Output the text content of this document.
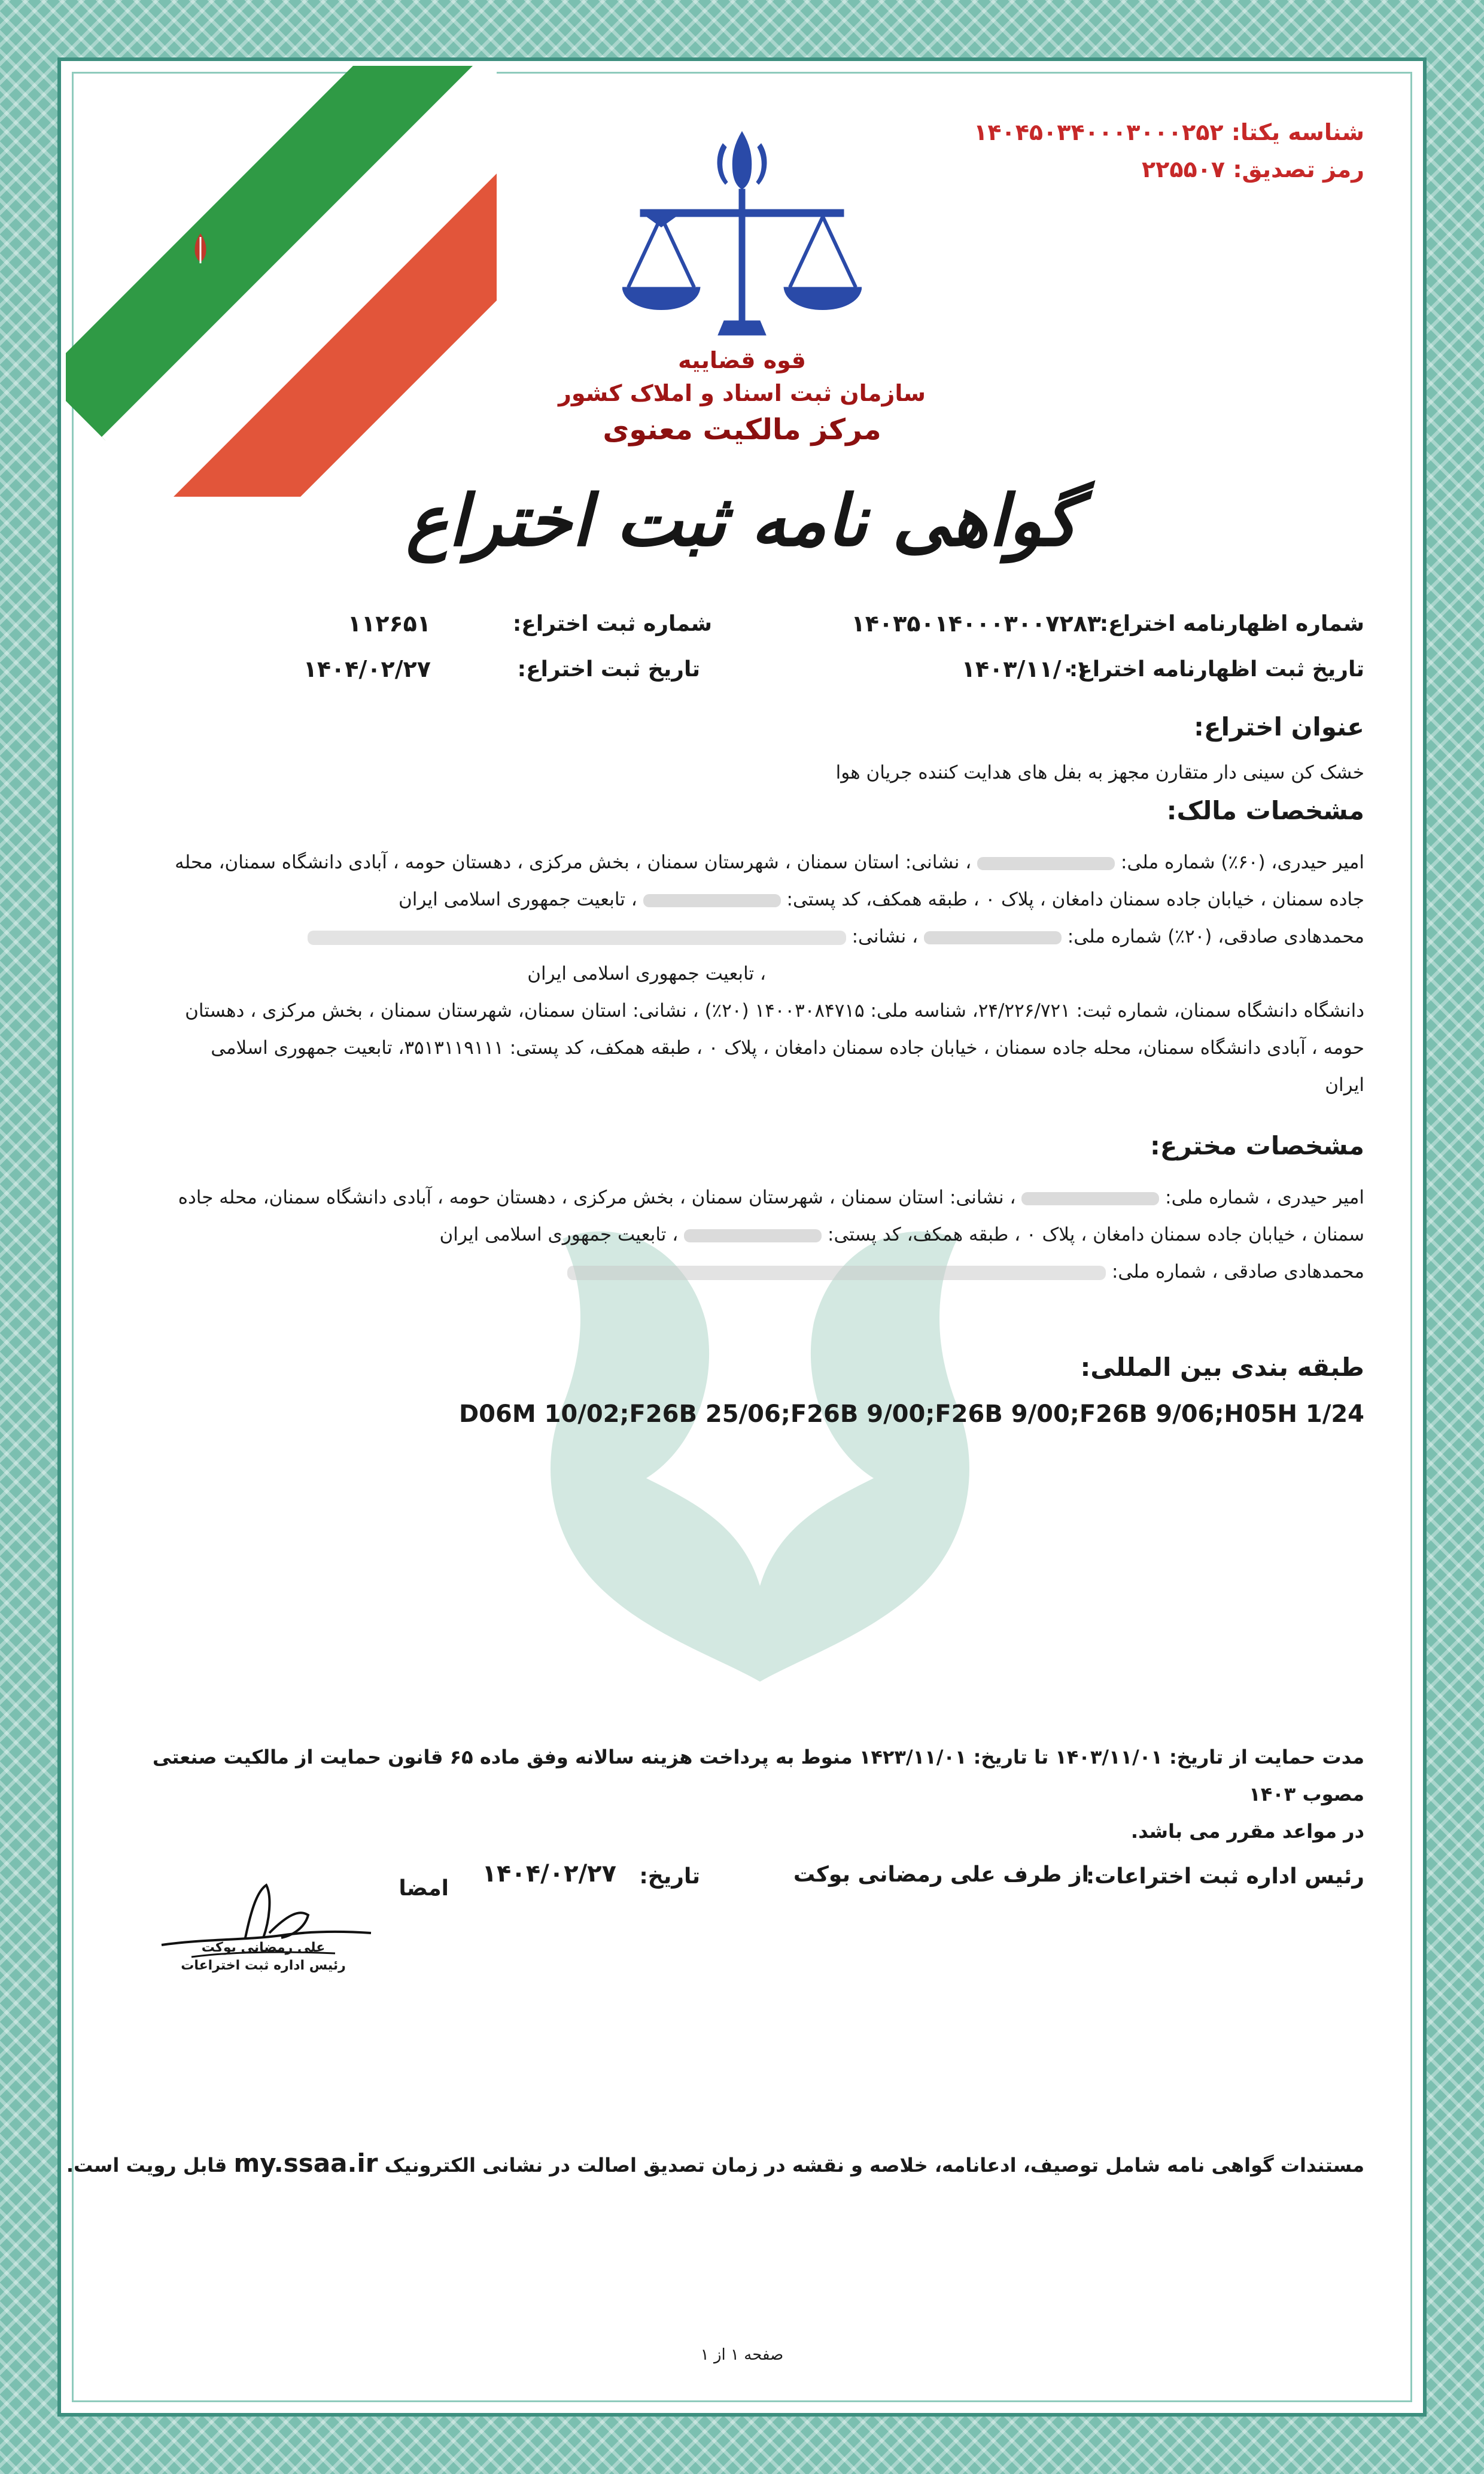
شناسه یکتا: ۱۴۰۴۵۰۳۴۰۰۰۳۰۰۰۲۵۲
رمز تصدیق: ۲۲۵۵۰۷
قوه قضاییه
سازمان ثبت اسناد و املاک کشور
مرکز مالکیت معنوی
گواهی نامه ثبت اختراع
شماره اظهارنامه اختراع:
۱۴۰۳۵۰۱۴۰۰۰۳۰۰۷۲۸۳
شماره ثبت اختراع:
۱۱۲۶۵۱
تاریخ ثبت اظهارنامه اختراع:
۱۴۰۳/۱۱/۰۱
تاریخ ثبت اختراع:
۱۴۰۴/۰۲/۲۷
عنوان اختراع:
خشک کن سینی دار متقارن مجهز به بفل های هدایت کننده جریان هوا
مشخصات مالک:
امیر حیدری، (۶۰٪) شماره ملی:  ، نشانی: استان سمنان ، شهرستان سمنان ، بخش مرکزی ، دهستان حومه ، آبادی دانشگاه سمنان، محله
جاده سمنان ، خیابان جاده سمنان دامغان ، پلاک ۰ ، طبقه همکف، کد پستی:  ، تابعیت جمهوری اسلامی ایران
محمدهادی صادقی، (۲۰٪) شماره ملی:  ، نشانی:
، تابعیت جمهوری اسلامی ایران
دانشگاه دانشگاه سمنان، شماره ثبت: ۲۴/۲۲۶/۷۲۱، شناسه ملی: ۱۴۰۰۳۰۸۴۷۱۵ (۲۰٪) ، نشانی: استان سمنان، شهرستان سمنان ، بخش مرکزی ، دهستان
حومه ، آبادی دانشگاه سمنان، محله جاده سمنان ، خیابان جاده سمنان دامغان ، پلاک ۰ ، طبقه همکف، کد پستی: ۳۵۱۳۱۱۹۱۱۱، تابعیت جمهوری اسلامی
ایران
مشخصات مخترع:
امیر حیدری ، شماره ملی:  ، نشانی: استان سمنان ، شهرستان سمنان ، بخش مرکزی ، دهستان حومه ، آبادی دانشگاه سمنان، محله جاده
سمنان ، خیابان جاده سمنان دامغان ، پلاک ۰ ، طبقه همکف، کد پستی:  ، تابعیت جمهوری اسلامی ایران
محمدهادی صادقی ، شماره ملی:
طبقه بندی بین المللی:
D06M 10/02;F26B 25/06;F26B 9/00;F26B 9/00;F26B 9/06;H05H 1/24
مدت حمایت از تاریخ: ۱۴۰۳/۱۱/۰۱ تا تاریخ: ۱۴۲۳/۱۱/۰۱ منوط به پرداخت هزینه سالانه وفق ماده ۶۵ قانون حمایت از مالکیت صنعتی مصوب ۱۴۰۳
در مواعد مقرر می باشد.
رئیس اداره ثبت اختراعات:
از طرف علی رمضانی بوکت
تاریخ:
۱۴۰۴/۰۲/۲۷
امضا
علی رمضانی بوکت
رئیس اداره ثبت اختراعات
مستندات گواهی نامه شامل توصیف، ادعانامه، خلاصه و نقشه در زمان تصدیق اصالت در نشانی الکترونیک my.ssaa.ir قابل رویت است.
صفحه ۱ از ۱
